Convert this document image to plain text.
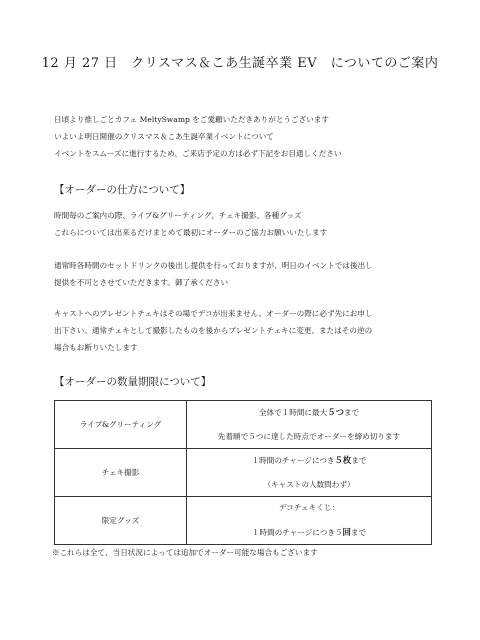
12 月 27 日　クリスマス＆こあ生誕卒業 EV　についてのご案内
日頃より推しごとカフェ MeltySwamp をご愛顧いただきありがとうございます
いよいよ明日開催のクリスマス＆こあ生誕卒業イベントについて
イベントをスムーズに進行するため、ご来店予定の方は必ず下記をお目通しください
【オーダーの仕方について】
時間毎のご案内の際、ライブ&グリーティング、チェキ撮影、各種グッズ
これらについては出来るだけまとめて最初にオーダーのご協力お願いいたします
通常時各時間のセットドリンクの後出し提供を行っておりますが、明日のイベントでは後出し
提供を不可とさせていただきます。御了承ください
キャストへのプレゼントチェキはその場でデコが出来ません。オーダーの際に必ず先にお申し
出下さい。通常チェキとして撮影したものを後からプレゼントチェキに変更、またはその逆の
場合もお断りいたします
【オーダーの数量期限について】
ライブ&グリーティング	全体で１時間に最大５つまで
先着順で５つに達した時点でオーダーを締め切ります

チェキ撮影	１時間のチャージにつき５枚まで
（キャストの人数問わず）

限定グッズ	デコチェキくじ：
１時間のチャージにつき５回まで
※これらは全て、当日状況によっては追加でオーダー可能な場合もございます
